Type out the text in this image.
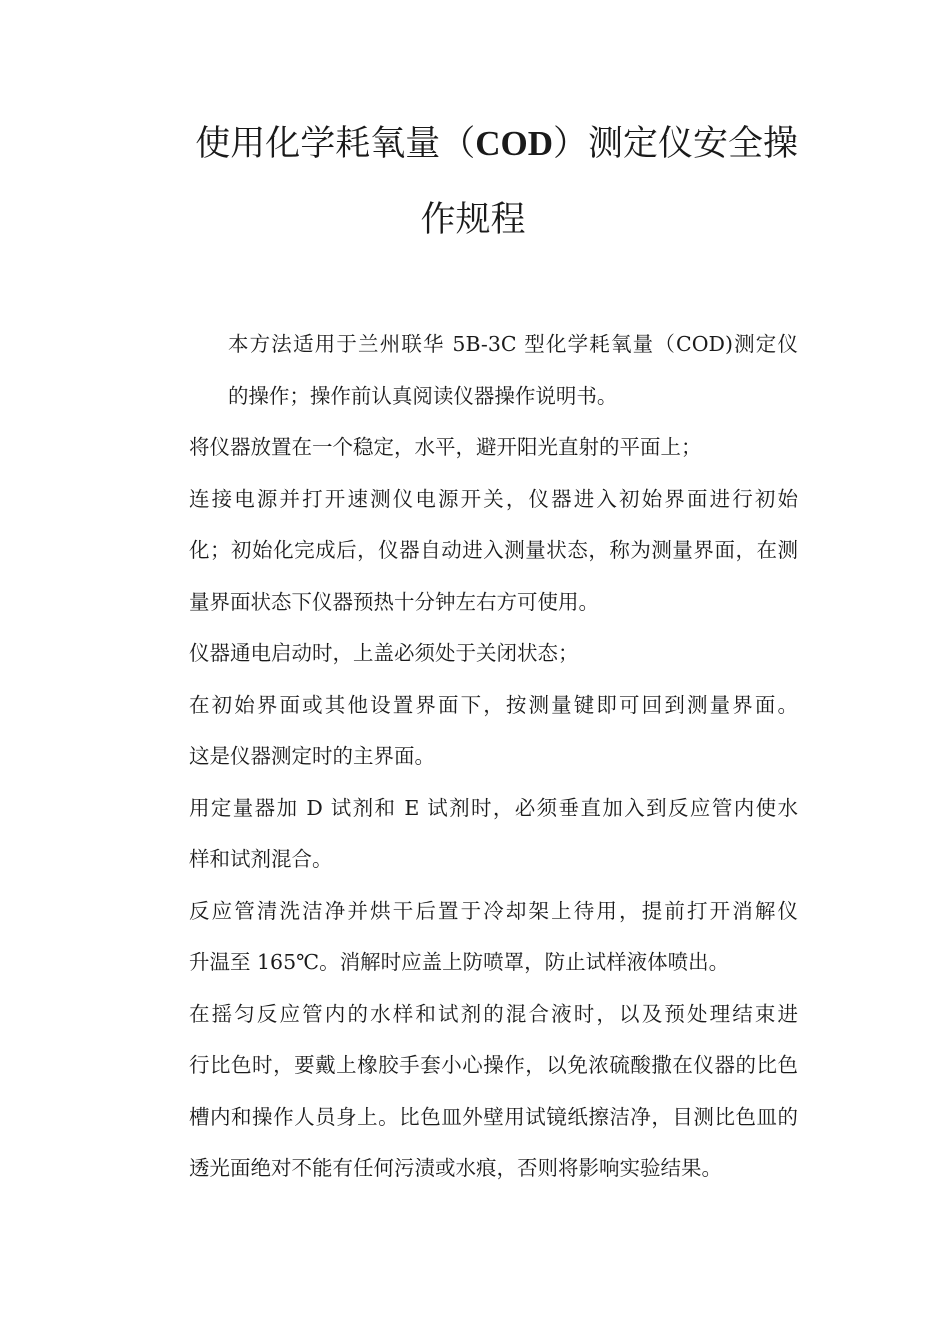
使用化学耗氧量（COD）测定仪安全操
作规程

本方法适用于兰州联华 5B-3C 型化学耗氧量（COD)测定仪
的操作；操作前认真阅读仪器操作说明书。

将仪器放置在一个稳定，水平，避开阳光直射的平面上；

连接电源并打开速测仪电源开关，仪器进入初始界面进行初始
化；初始化完成后，仪器自动进入测量状态，称为测量界面，在测
量界面状态下仪器预热十分钟左右方可使用。

仪器通电启动时，上盖必须处于关闭状态；

在初始界面或其他设置界面下，按测量键即可回到测量界面。
这是仪器测定时的主界面。

用定量器加 D 试剂和 E 试剂时，必须垂直加入到反应管内使水
样和试剂混合。

反应管清洗洁净并烘干后置于冷却架上待用，提前打开消解仪
升温至 165℃。消解时应盖上防喷罩，防止试样液体喷出。

在摇匀反应管内的水样和试剂的混合液时，以及预处理结束进
行比色时，要戴上橡胶手套小心操作，以免浓硫酸撒在仪器的比色
槽内和操作人员身上。比色皿外壁用试镜纸擦洁净，目测比色皿的
透光面绝对不能有任何污渍或水痕，否则将影响实验结果。
